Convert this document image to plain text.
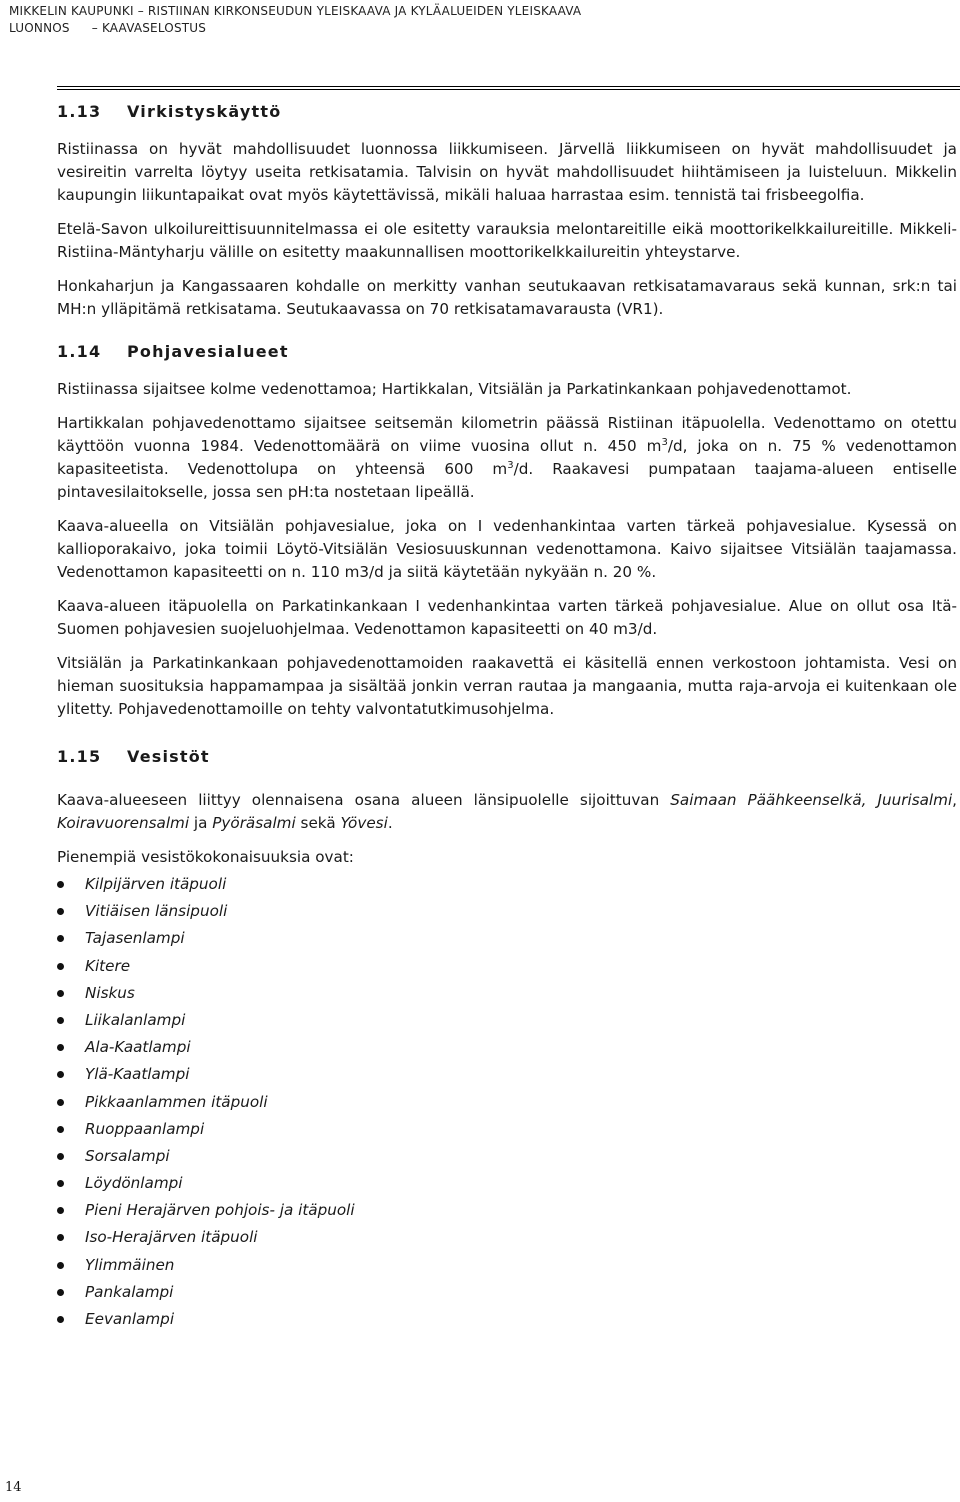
MIKKELIN KAUPUNKI – RISTIINAN KIRKONSEUDUN YLEISKAAVA JA KYLÄALUEIDEN YLEISKAAVA
LUONNOS – KAAVASELOSTUS
1.13	Virkistyskäyttö

Ristiinassa on hyvät mahdollisuudet luonnossa liikkumiseen. Järvellä liikkumiseen on hyvät mahdollisuudet ja vesireitin varrelta löytyy useita retkisatamia. Talvisin on hyvät mahdollisuudet hiihtämiseen ja luisteluun. Mikkelin kaupungin liikuntapaikat ovat myös käytettävissä, mikäli haluaa harrastaa esim. tennistä tai frisbeegolfia.

Etelä-Savon ulkoilureittisuunnitelmassa ei ole esitetty varauksia melontareitille eikä moottorikelkkailureitille. Mikkeli-Ristiina-Mäntyharju välille on esitetty maakunnallisen moottorikelkkailureitin yhteystarve.

Honkaharjun ja Kangassaaren kohdalle on merkitty vanhan seutukaavan retkisatamavaraus sekä kunnan, srk:n tai MH:n ylläpitämä retkisatama. Seutukaavassa on 70 retkisatamavarausta (VR1).

1.14	Pohjavesialueet

Ristiinassa sijaitsee kolme vedenottamoa; Hartikkalan, Vitsiälän ja Parkatinkankaan pohjavedenottamot.

Hartikkalan pohjavedenottamo sijaitsee seitsemän kilometrin päässä Ristiinan itäpuolella. Vedenottamo on otettu käyttöön vuonna 1984. Vedenottomäärä on viime vuosina ollut n. 450 $m^3/d$, joka on n. 75 % vedenottamon kapasiteetista. Vedenottolupa on yhteensä 600 $m^3/d$. Raakavesi pumpataan taajama-alueen entiselle pintavesilaitokselle, jossa sen pH:ta nostetaan lipeällä.

Kaava-alueella on Vitsiälän pohjavesialue, joka on I vedenhankintaa varten tärkeä pohjavesialue. Kysessä on kallioporakaivo, joka toimii Löytö-Vitsiälän Vesiosuuskunnan vedenottamona. Kaivo sijaitsee Vitsiälän taajamassa. Vedenottamon kapasiteetti on n. 110 m3/d ja siitä käytetään nykyään n. 20 %.

Kaava-alueen itäpuolella on Parkatinkankaan I vedenhankintaa varten tärkeä pohjavesialue. Alue on ollut osa Itä-Suomen pohjavesien suojeluohjelmaa. Vedenottamon kapasiteetti on 40 m3/d.

Vitsiälän ja Parkatinkankaan pohjavedenottamoiden raakavettä ei käsitellä ennen verkostoon johtamista. Vesi on hieman suosituksia happamampaa ja sisältää jonkin verran rautaa ja mangaania, mutta raja-arvoja ei kuitenkaan ole ylitetty. Pohjavedenottamoille on tehty valvontatutkimusohjelma.

1.15	Vesistöt

Kaava-alueeseen liittyy olennaisena osana alueen länsipuolelle sijoittuvan Saimaan Päähkeenselkä, Juurisalmi, Koiravuorensalmi ja Pyöräsalmi sekä Yövesi.

Pienempiä vesistökokonaisuuksia ovat:

Kilpijärven itäpuoli
Vitiäisen länsipuoli
Tajasenlampi
Kitere
Niskus
Liikalanlampi
Ala-Kaatlampi
Ylä-Kaatlampi
Pikkaanlammen itäpuoli
Ruoppaanlampi
Sorsalampi
Löydönlampi
Pieni Herajärven pohjois- ja itäpuoli
Iso-Herajärven itäpuoli
Ylimmäinen
Pankalampi
Eevanlampi
14
